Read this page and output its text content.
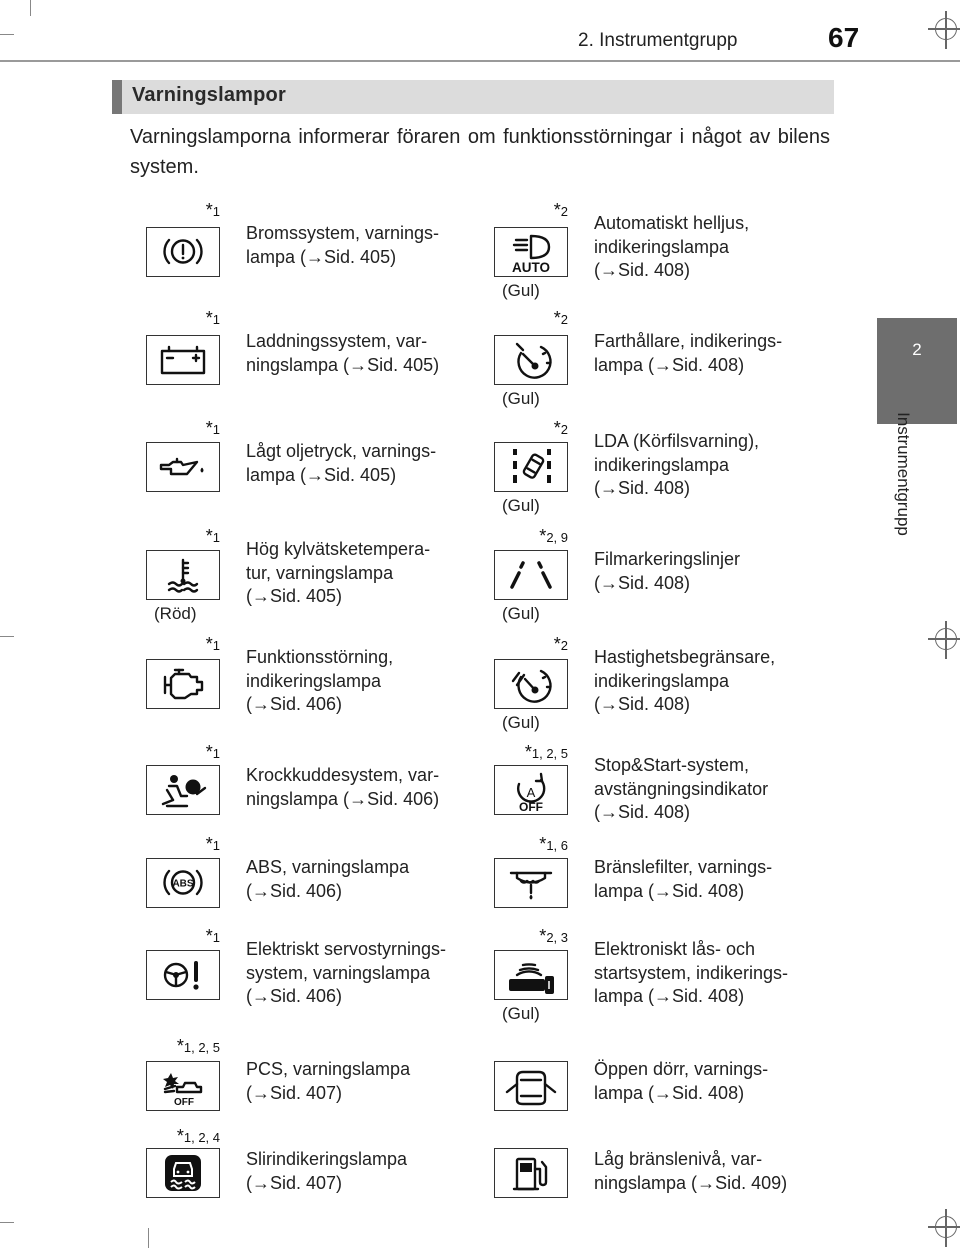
2. Instrumentgrupp	67
2
Instrumentgrupp
Varningslampor
Varningslamporna informerar föraren om funktionsstörningar i något av bilens system.
*1
Bromssystem, varnings-
lampa (→Sid. 405)
*1
Laddningssystem, var-
ningslampa (→Sid. 405)
*1
Lågt oljetryck, varnings-
lampa (→Sid. 405)
*1
(Röd)
Hög kylvätsketempera-
tur, varningslampa
(→Sid. 405)
*1
Funktionsstörning,
indikeringslampa
(→Sid. 406)
*1
Krockkuddesystem, var-
ningslampa (→Sid. 406)
*1
ABS
ABS, varningslampa
(→Sid. 406)
*1
Elektriskt servostyrnings-
system, varningslampa
(→Sid. 406)
*1, 2, 5
OFF
PCS, varningslampa
(→Sid. 407)
*1, 2, 4
Slirindikeringslampa
(→Sid. 407)
*2
AUTO
(Gul)
Automatiskt helljus,
indikeringslampa
(→Sid. 408)
*2
(Gul)
Farthållare, indikerings-
lampa (→Sid. 408)
*2
(Gul)
LDA (Körfilsvarning),
indikeringslampa
(→Sid. 408)
*2, 9
(Gul)
Filmarkeringslinjer
(→Sid. 408)
*2
(Gul)
Hastighetsbegränsare,
indikeringslampa
(→Sid. 408)
*1, 2, 5
A
OFF
Stop&Start-system,
avstängningsindikator
(→Sid. 408)
*1, 6
Bränslefilter, varnings-
lampa (→Sid. 408)
*2, 3
(Gul)
Elektroniskt lås- och
startsystem, indikerings-
lampa (→Sid. 408)
Öppen dörr, varnings-
lampa (→Sid. 408)
Låg bränslenivå, var-
ningslampa (→Sid. 409)
